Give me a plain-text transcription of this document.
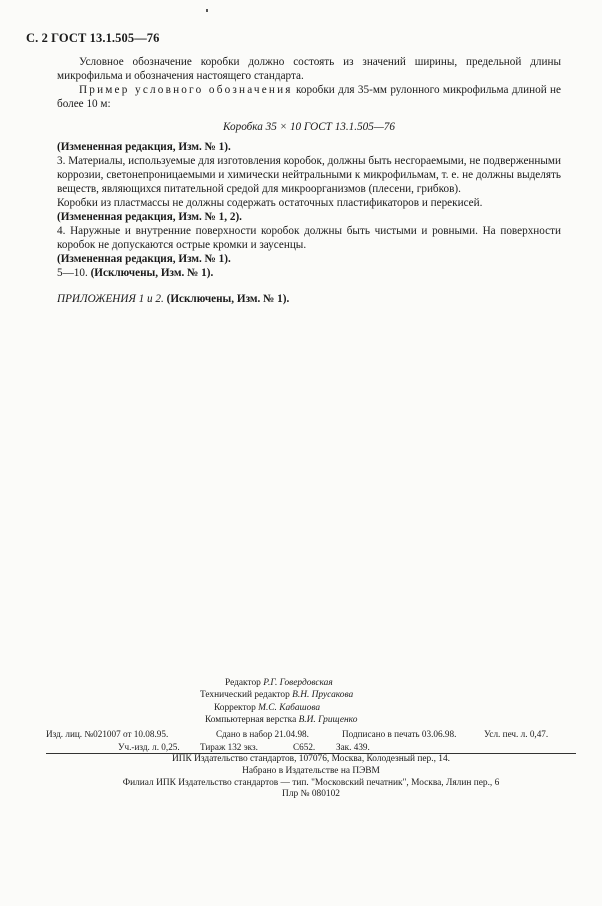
С. 2 ГОСТ 13.1.505—76

Условное обозначение коробки должно состоять из значений ширины, предельной длины микрофильма и обозначения настоящего стандарта.

Пример условного обозначения коробки для 35-мм рулонного микрофильма длиной не более 10 м:

Коробка 35 × 10 ГОСТ 13.1.505—76

(Измененная редакция, Изм. № 1).

3. Материалы, используемые для изготовления коробок, должны быть несгораемыми, не подверженными коррозии, светонепроницаемыми и химически нейтральными к микрофильмам, т. е. не должны выделять веществ, являющихся питательной средой для микроорганизмов (плесени, грибков).

Коробки из пластмассы не должны содержать остаточных пластификаторов и перекисей.

(Измененная редакция, Изм. № 1, 2).

4. Наружные и внутренние поверхности коробок должны быть чистыми и ровными. На поверхности коробок не допускаются острые кромки и заусенцы.

(Измененная редакция, Изм. № 1).

5—10. (Исключены, Изм. № 1).

ПРИЛОЖЕНИЯ 1 и 2. (Исключены, Изм. № 1).

Редактор Р.Г. Говердовская
Технический редактор В.Н. Прусакова
Корректор М.С. Кабашова
Компьютерная верстка В.И. Грищенко
Изд. лиц. №021007 от 10.08.95.	Сдано в набор 21.04.98.	Подписано в печать 03.06.98.	Усл. печ. л. 0,47.
Уч.-изд. л. 0,25. Тираж 132 экз.	С652. Зак. 439.
ИПК Издательство стандартов, 107076, Москва, Колодезный пер., 14.
Набрано в Издательстве на ПЭВМ
Филиал ИПК Издательство стандартов — тип. "Московский печатник", Москва, Лялин пер., 6
Плр № 080102
